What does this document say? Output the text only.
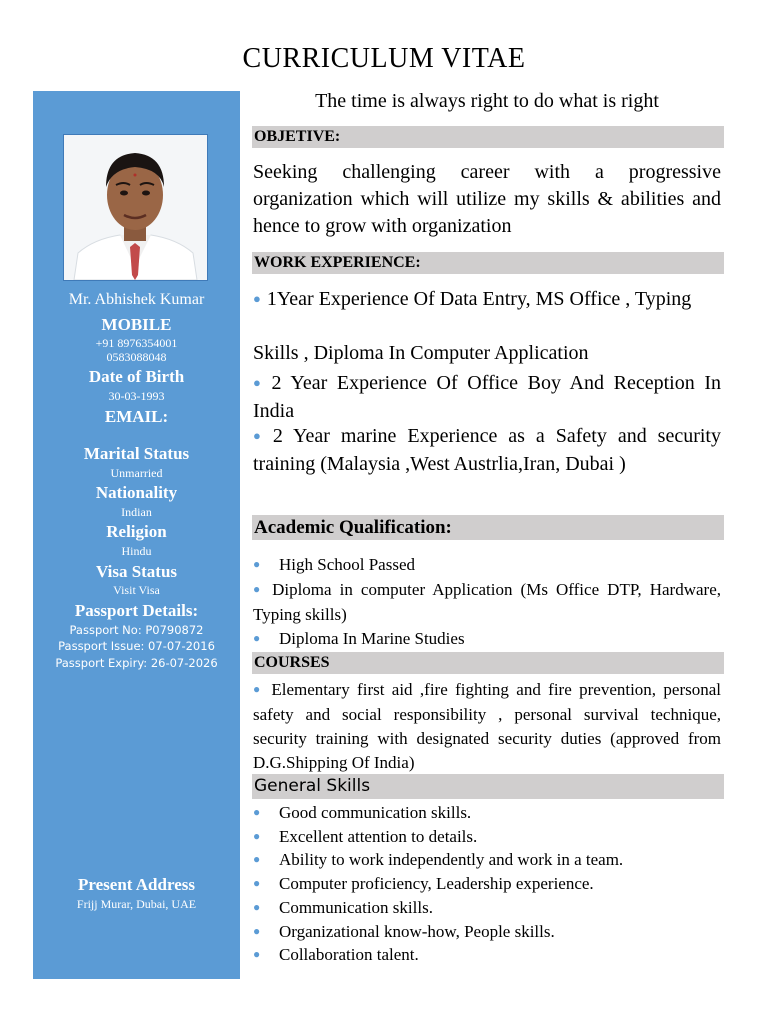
CURRICULUM VITAE
Mr. Abhishek Kumar
MOBILE
+91 8976354001
0583088048
Date of Birth
30-03-1993
EMAIL:
Marital Status
Unmarried
Nationality
Indian
Religion
Hindu
Visa Status
Visit Visa
Passport Details:
Passport No: P0790872
Passport Issue: 07-07-2016
Passport Expiry: 26-07-2026
Present Address
Frijj Murar, Dubai, UAE
The time is always right to do what is right
OBJETIVE:
Seeking challenging career with a progressive organization which will utilize my skills & abilities and hence to grow with organization
WORK EXPERIENCE:
● 1Year Experience Of Data Entry, MS Office , Typing
Skills , Diploma In Computer Application
● 2 Year Experience Of Office Boy And Reception In India
● 2 Year marine Experience as a Safety and security training (Malaysia ,West Austrlia,Iran, Dubai )
Academic Qualification:
● High School Passed
● Diploma in computer Application (Ms Office DTP, Hardware, Typing skills)
● Diploma In Marine Studies
COURSES
● Elementary first aid ,fire fighting and fire prevention, personal safety and social responsibility , personal survival technique, security training with designated security duties (approved from D.G.Shipping Of India)
General Skills
● Good communication skills.
● Excellent attention to details.
● Ability to work independently and work in a team.
● Computer proficiency, Leadership experience.
● Communication skills.
● Organizational know-how, People skills.
● Collaboration talent.
